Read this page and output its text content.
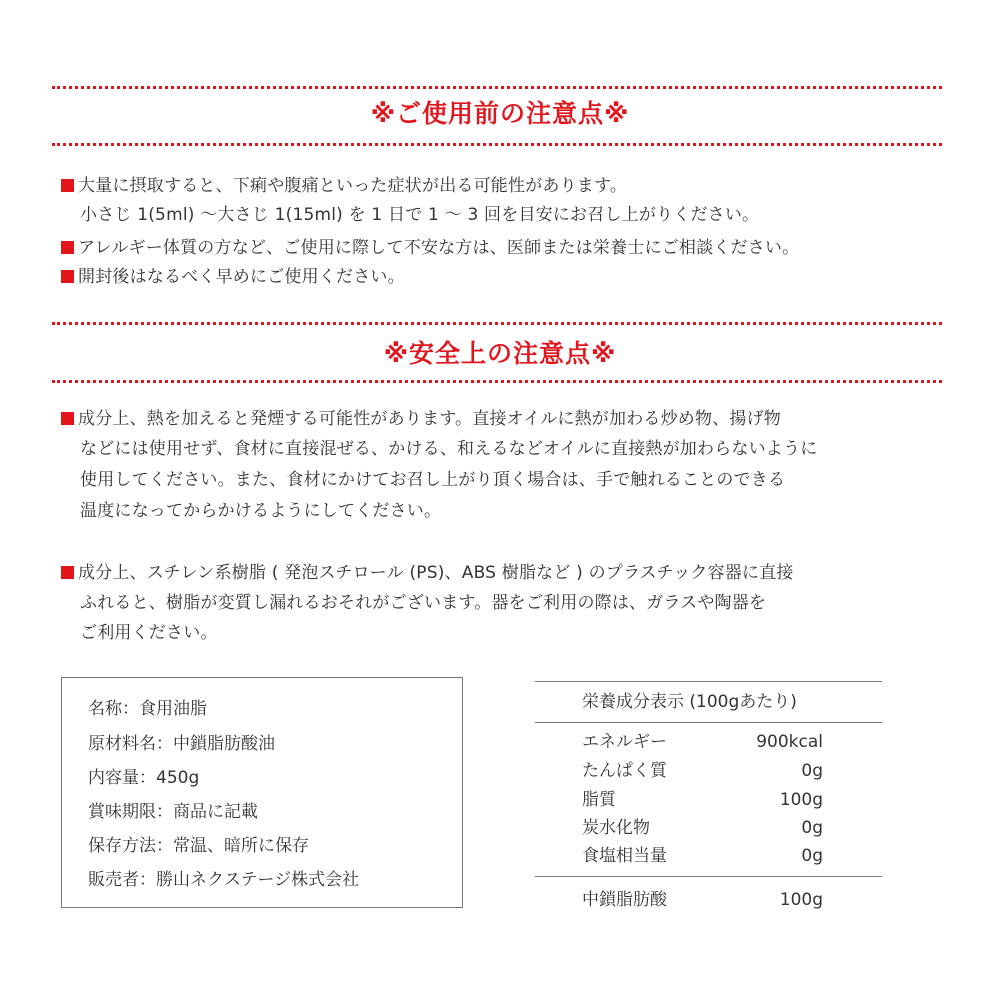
※ご使用前の注意点※
大量に摂取すると、下痢や腹痛といった症状が出る可能性があります。
小さじ 1(5ml) 〜大さじ 1(15ml) を 1 日で 1 〜 3 回を目安にお召し上がりください。
アレルギー体質の方など、ご使用に際して不安な方は、医師または栄養士にご相談ください。
開封後はなるべく早めにご使用ください。
※安全上の注意点※
成分上、熱を加えると発煙する可能性があります。直接オイルに熱が加わる炒め物、揚げ物
などには使用せず、食材に直接混ぜる、かける、和えるなどオイルに直接熱が加わらないように
使用してください。また、食材にかけてお召し上がり頂く場合は、手で触れることのできる
温度になってからかけるようにしてください。
成分上、スチレン系樹脂 ( 発泡スチロール (PS)、ABS 樹脂など ) のプラスチック容器に直接
ふれると、樹脂が変質し漏れるおそれがございます。器をご利用の際は、ガラスや陶器を
ご利用ください。
名称：食用油脂
原材料名：中鎖脂肪酸油
内容量：450g
賞味期限：商品に記載
保存方法：常温、暗所に保存
販売者：勝山ネクステージ株式会社
栄養成分表示 (100gあたり)
エネルギー	900kcal
たんぱく質	0g
脂質	100g
炭水化物	0g
食塩相当量	0g
中鎖脂肪酸	100g
